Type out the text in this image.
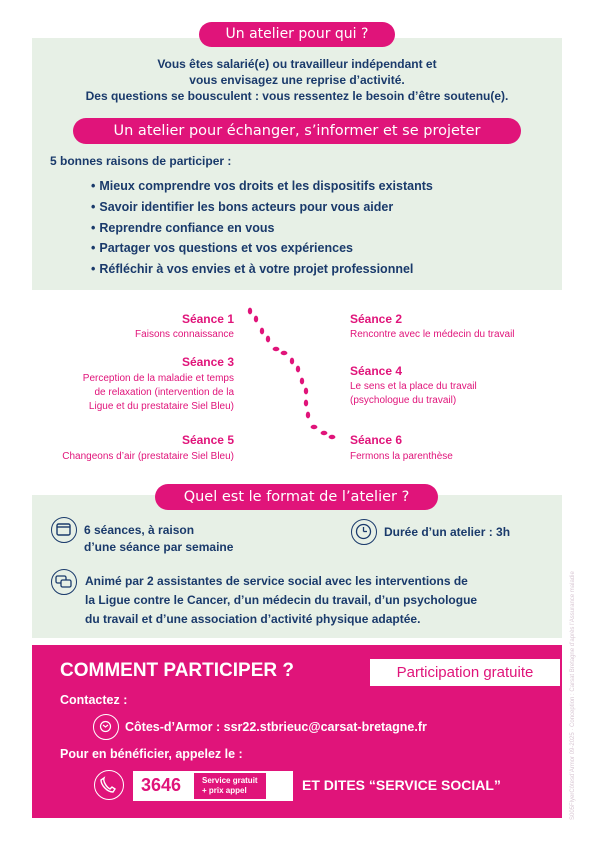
Un atelier pour qui ?
Vous êtes salarié(e) ou travailleur indépendant et
vous envisagez une reprise d’activité.
Des questions se bousculent : vous ressentez le besoin d’être soutenu(e).
Un atelier pour échanger, s’informer et se projeter
5 bonnes raisons de participer :
• Mieux comprendre vos droits et les dispositifs existants
• Savoir identifier les bons acteurs pour vous aider
• Reprendre confiance en vous
• Partager vos questions et vos expériences
• Réfléchir à vos envies et à votre projet professionnel
Séance 1
Faisons connaissance
Séance 2
Rencontre avec le médecin du travail
Séance 3
Perception de la maladie et temps
de relaxation (intervention de la
Ligue et du prestataire Siel Bleu)
Séance 4
Le sens et la place du travail
(psychologue du travail)
Séance 5
Changeons d’air (prestataire Siel Bleu)
Séance 6
Fermons la parenthèse
Quel est le format de l’atelier ?
6 séances, à raison
d’une séance par semaine
Durée d’un atelier : 3h
Animé par 2 assistantes de service social avec les interventions de
la Ligue contre le Cancer, d’un médecin du travail, d’un psychologue
du travail et d’une association d’activité physique adaptée.
COMMENT PARTICIPER ?	Participation gratuite
Contactez :
Côtes-d’Armor : ssr22.stbrieuc@carsat-bretagne.fr
Pour en bénéficier, appelez le :
3646	Service gratuit
+ prix appel	ET DITES “SERVICE SOCIAL”	S005FlyerCôtesd’Armor 09-2025 · Conception : Carsat Bretagne d’après l’Assurance maladie
